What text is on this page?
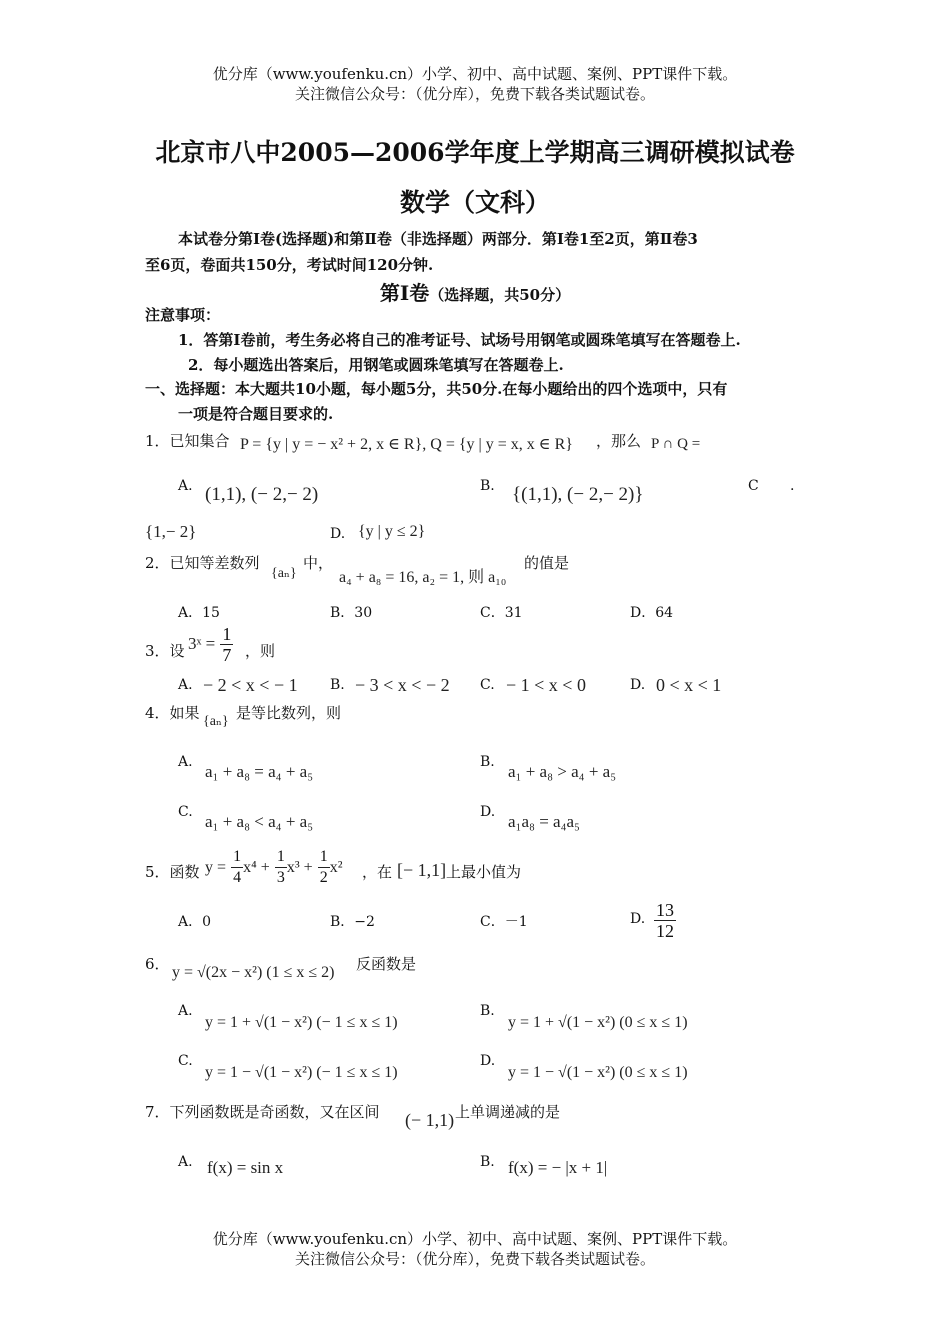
优分库（www.youfenku.cn）小学、初中、高中试题、案例、PPT课件下载。
关注微信公众号：（优分库），免费下载各类试题试卷。
北京市八中2005—2006学年度上学期高三调研模拟试卷
数学（文科）
本试卷分第Ⅰ卷(选择题)和第Ⅱ卷（非选择题）两部分．第Ⅰ卷1至2页，第Ⅱ卷3
至6页，卷面共150分，考试时间120分钟.
第Ⅰ卷（选择题，共50分）
注意事项：
1．答第Ⅰ卷前，考生务必将自己的准考证号、试场号用钢笔或圆珠笔填写在答题卷上.
2．每小题选出答案后，用钢笔或圆珠笔填写在答题卷上.
一、选择题：本大题共10小题，每小题5分，共50分.在每小题给出的四个选项中，只有
一项是符合题目要求的.
1．已知集合 P = {y | y = − x² + 2, x ∈ R}, Q = {y | y = x, x ∈ R} ，那么 P ∩ Q =
A. (1,1), (− 2,− 2)	B. {(1,1), (− 2,− 2)}	C .
{1,− 2}	D. {y | y ≤ 2}
2．已知等差数列
{aₙ}
中，
a₄ + a₈ = 16, a₂ = 1, 则 a₁₀
的值是
A．15	B．30	C．31	D．64
3．设 3ˣ = $\frac{1}{7}$ ，则
A. − 2 < x < − 1 B. − 3 < x < − 2 C. − 1 < x < 0	D. 0 < x < 1
4．如果 {aₙ} 是等比数列，则
A. a₁ + a₈ = a₄ + a₅	B. a₁ + a₈ > a₄ + a₅
C. a₁ + a₈ < a₄ + a₅	D. a₁a₈ = a₄a₅
5．函数 $y = \frac{1}{4} x^4 + \frac{1}{3} x^3 + \frac{1}{2} x^2$ ，在 [− 1,1] 上最小值为
A．0	B．−2	C．－1	D. $\frac{13}{12}$
6． y = √(2x − x²) (1 ≤ x ≤ 2) 反函数是
A.
y = 1 + √(1 − x²) (− 1 ≤ x ≤ 1)
B.
y = 1 + √(1 − x²) (0 ≤ x ≤ 1)
C.
y = 1 − √(1 − x²) (− 1 ≤ x ≤ 1)
D.
y = 1 − √(1 − x²) (0 ≤ x ≤ 1)
7．下列函数既是奇函数，又在区间 (− 1,1) 上单调递减的是
A. f(x) = sin x	B. f(x) = − |x + 1|
优分库（www.youfenku.cn）小学、初中、高中试题、案例、PPT课件下载。
关注微信公众号：（优分库），免费下载各类试题试卷。
